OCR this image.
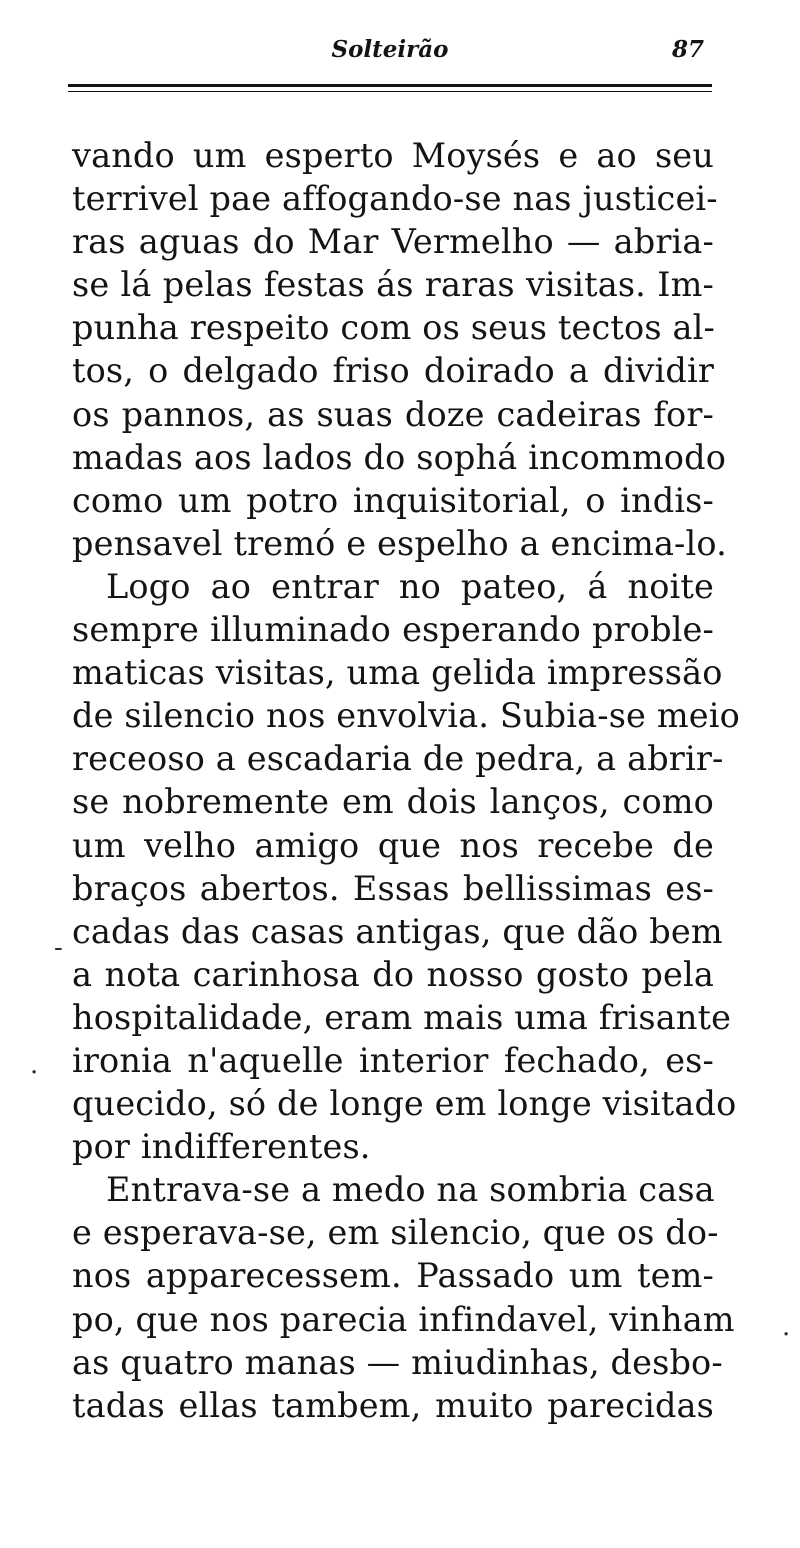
Solteirão	87
vando um esperto Moysés e ao seu
terrivel pae affogando-se nas justicei-
ras aguas do Mar Vermelho — abria-
se lá pelas festas ás raras visitas. Im-
punha respeito com os seus tectos al-
tos, o delgado friso doirado a dividir
os pannos, as suas doze cadeiras for-
madas aos lados do sophá incommodo
como um potro inquisitorial, o indis-
pensavel tremó e espelho a encima-lo.
Logo ao entrar no pateo, á noite
sempre illuminado esperando proble-
maticas visitas, uma gelida impressão
de silencio nos envolvia. Subia-se meio
receoso a escadaria de pedra, a abrir-
se nobremente em dois lanços, como
um velho amigo que nos recebe de
braços abertos. Essas bellissimas es-
cadas das casas antigas, que dão bem
a nota carinhosa do nosso gosto pela
hospitalidade, eram mais uma frisante
ironia n'aquelle interior fechado, es-
quecido, só de longe em longe visitado
por indifferentes.
Entrava-se a medo na sombria casa
e esperava-se, em silencio, que os do-
nos apparecessem. Passado um tem-
po, que nos parecia infindavel, vinham
as quatro manas — miudinhas, desbo-
tadas ellas tambem, muito parecidas
-
·
·
